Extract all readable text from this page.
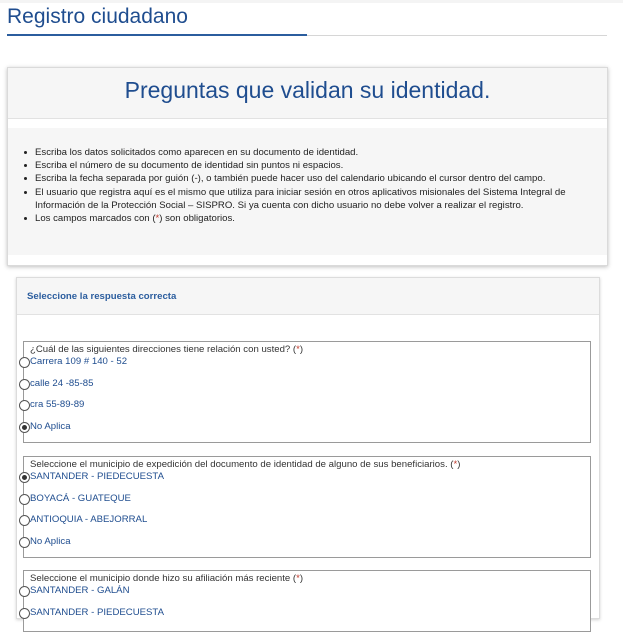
Registro ciudadano
Preguntas que validan su identidad.
Escriba los datos solicitados como aparecen en su documento de identidad.
Escriba el número de su documento de identidad sin puntos ni espacios.
Escriba la fecha separada por guión (-), o también puede hacer uso del calendario ubicando el cursor dentro del campo.
El usuario que registra aquí es el mismo que utiliza para iniciar sesión en otros aplicativos misionales del Sistema Integral de Información de la Protección Social – SISPRO. Si ya cuenta con dicho usuario no debe volver a realizar el registro.
Los campos marcados con (*) son obligatorios.
Seleccione la respuesta correcta
¿Cuál de las siguientes direcciones tiene relación con usted? (*)
Carrera 109 # 140 - 52
calle 24 -85-85
cra 55-89-89
No Aplica
Seleccione el municipio de expedición del documento de identidad de alguno de sus beneficiarios. (*)
SANTANDER - PIEDECUESTA
BOYACÁ - GUATEQUE
ANTIOQUIA - ABEJORRAL
No Aplica
Seleccione el municipio donde hizo su afiliación más reciente (*)
SANTANDER - GALÁN
SANTANDER - PIEDECUESTA
